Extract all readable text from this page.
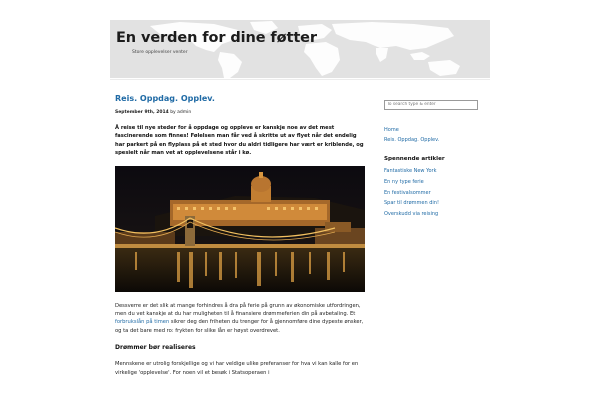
En verden for dine føtter
Store opplevelser venter
Reis. Oppdag. Opplev.
September 9th, 2014 by admin
Å reise til nye steder for å oppdage og oppleve er kanskje noe av det mest fascinerende som finnes! Følelsen man får ved å skritte ut av flyet når det endelig har parkert på en flyplass på et sted hvor du aldri tidligere har vært er kriblende, og spesielt når man vet at opplevelsene står i kø.
Dessverre er det slik at mange forhindres å dra på ferie på grunn av økonomiske utfordringen, men du vet kanskje at du har muligheten til å finansiere drømmeferien din på avbetaling. Et forbrukslån på timen sikrer deg den friheten du trenger for å gjennomføre dine dypeste ønsker, og ta det bare med ro: frykten for slike lån er høyst overdrevet.
Drømmer bør realiseres
Mennskene er utrolig forskjellige og vi har veldige ulike preferanser for hva vi kan kalle for en virkelige 'opplevelse'. For noen vil et besøk i Statsoperaen i
To search type & enter
Home
Reis. Oppdag. Opplev.
Spennende artikler
Fantastiske New York
En ny type ferie
En festivalsommer
Spar til drømmen din!
Overskudd via reising
